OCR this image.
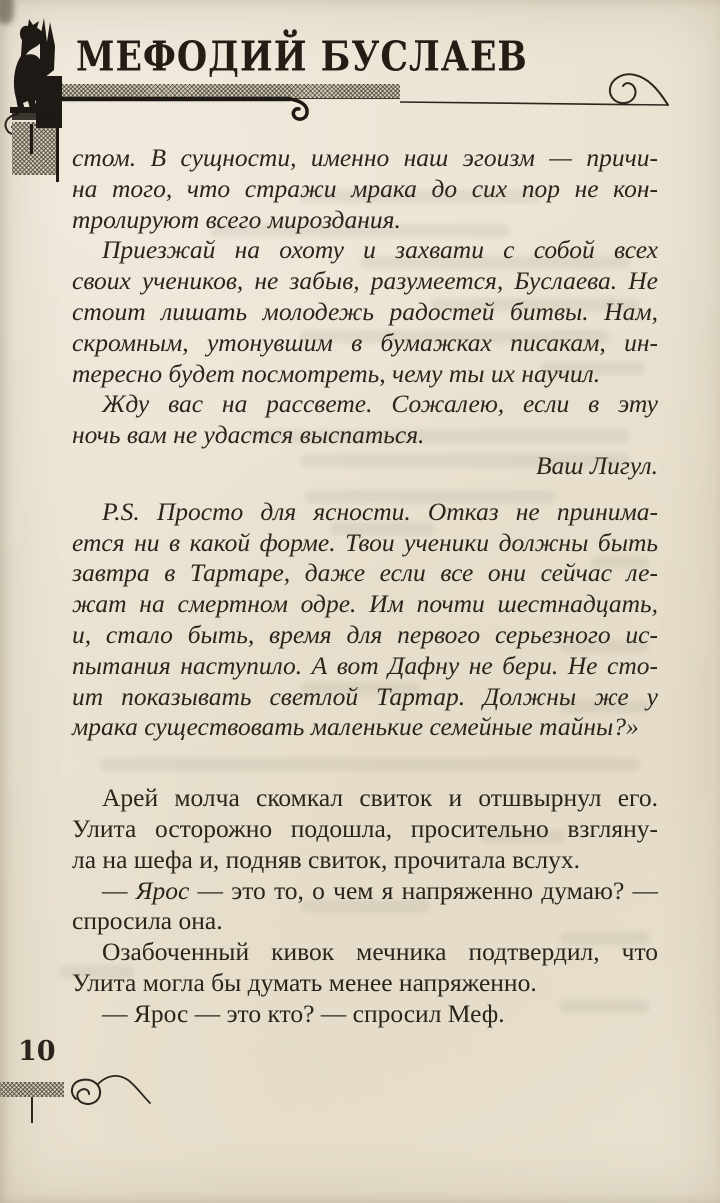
МЕФОДИЙ БУСЛАЕВ
стом. В сущности, именно наш эгоизм — причи-
на того, что стражи мрака до сих пор не кон-
тролируют всего мироздания.
Приезжай на охоту и захвати с собой всех
своих учеников, не забыв, разумеется, Буслаева. Не
стоит лишать молодежь радостей битвы. Нам,
скромным, утонувшим в бумажках писакам, ин-
тересно будет посмотреть, чему ты их научил.
Жду вас на рассвете. Сожалею, если в эту
ночь вам не удастся выспаться.
Ваш Лигул.
P.S. Просто для ясности. Отказ не принима-
ется ни в какой форме. Твои ученики должны быть
завтра в Тартаре, даже если все они сейчас ле-
жат на смертном одре. Им почти шестнадцать,
и, стало быть, время для первого серьезного ис-
пытания наступило. А вот Дафну не бери. Не сто-
ит показывать светлой Тартар. Должны же у
мрака существовать маленькие семейные тайны?»
Арей молча скомкал свиток и отшвырнул его.
Улита осторожно подошла, просительно взгляну-
ла на шефа и, подняв свиток, прочитала вслух.
— Ярос — это то, о чем я напряженно думаю? —
спросила она.
Озабоченный кивок мечника подтвердил, что
Улита могла бы думать менее напряженно.
— Ярос — это кто? — спросил Меф.
10
